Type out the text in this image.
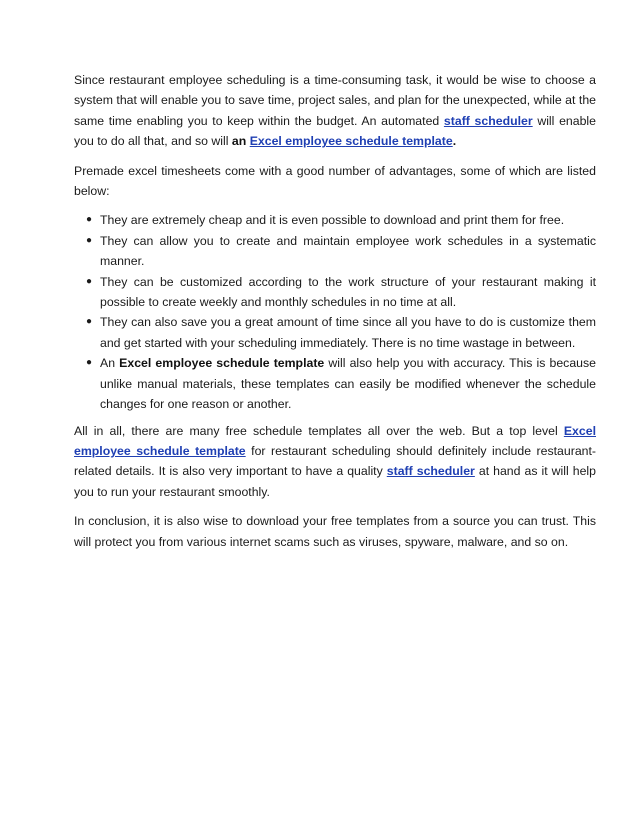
Since restaurant employee scheduling is a time-consuming task, it would be wise to choose a system that will enable you to save time, project sales, and plan for the unexpected, while at the same time enabling you to keep within the budget. An automated staff scheduler will enable you to do all that, and so will an Excel employee schedule template.

Premade excel timesheets come with a good number of advantages, some of which are listed below:

● They are extremely cheap and it is even possible to download and print them for free.
● They can allow you to create and maintain employee work schedules in a systematic manner.
● They can be customized according to the work structure of your restaurant making it possible to create weekly and monthly schedules in no time at all.
● They can also save you a great amount of time since all you have to do is customize them and get started with your scheduling immediately. There is no time wastage in between.
● An Excel employee schedule template will also help you with accuracy. This is because unlike manual materials, these templates can easily be modified whenever the schedule changes for one reason or another.

All in all, there are many free schedule templates all over the web. But a top level Excel employee schedule template for restaurant scheduling should definitely include restaurant-related details. It is also very important to have a quality staff scheduler at hand as it will help you to run your restaurant smoothly.

In conclusion, it is also wise to download your free templates from a source you can trust. This will protect you from various internet scams such as viruses, spyware, malware, and so on.
